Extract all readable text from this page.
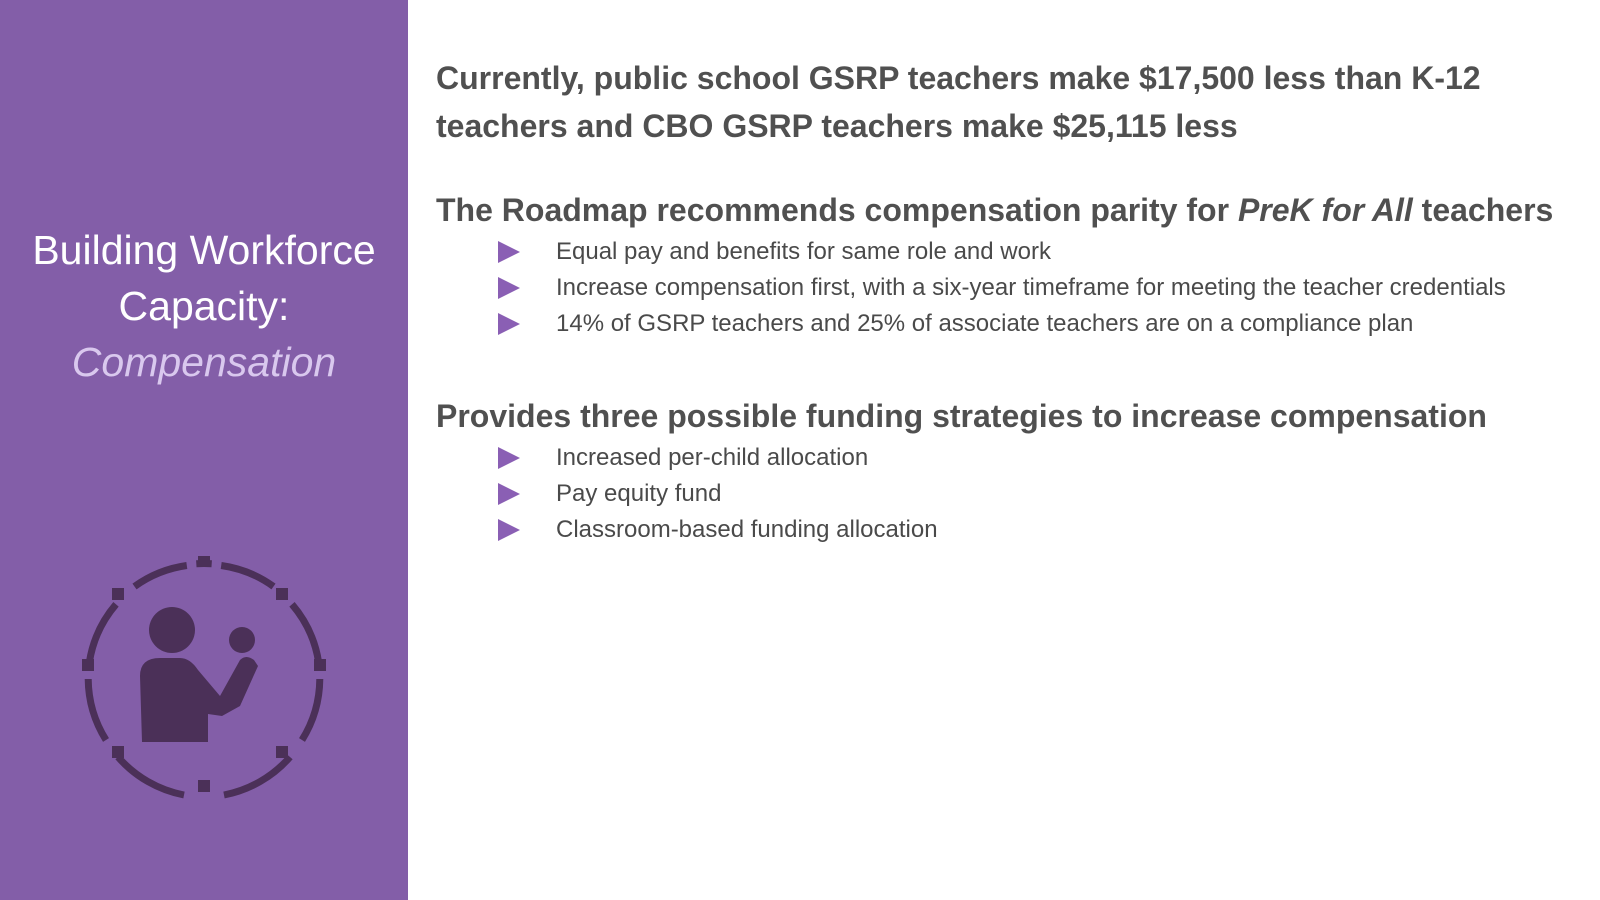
Building Workforce
Capacity:
Compensation

Currently, public school GSRP teachers make $17,500 less than K-12 teachers and CBO GSRP teachers make $25,115 less

The Roadmap recommends compensation parity for PreK for All teachers

Equal pay and benefits for same role and work
Increase compensation first, with a six-year timeframe for meeting the teacher credentials
14% of GSRP teachers and 25% of associate teachers are on a compliance plan

Provides three possible funding strategies to increase compensation

Increased per-child allocation
Pay equity fund
Classroom-based funding allocation
